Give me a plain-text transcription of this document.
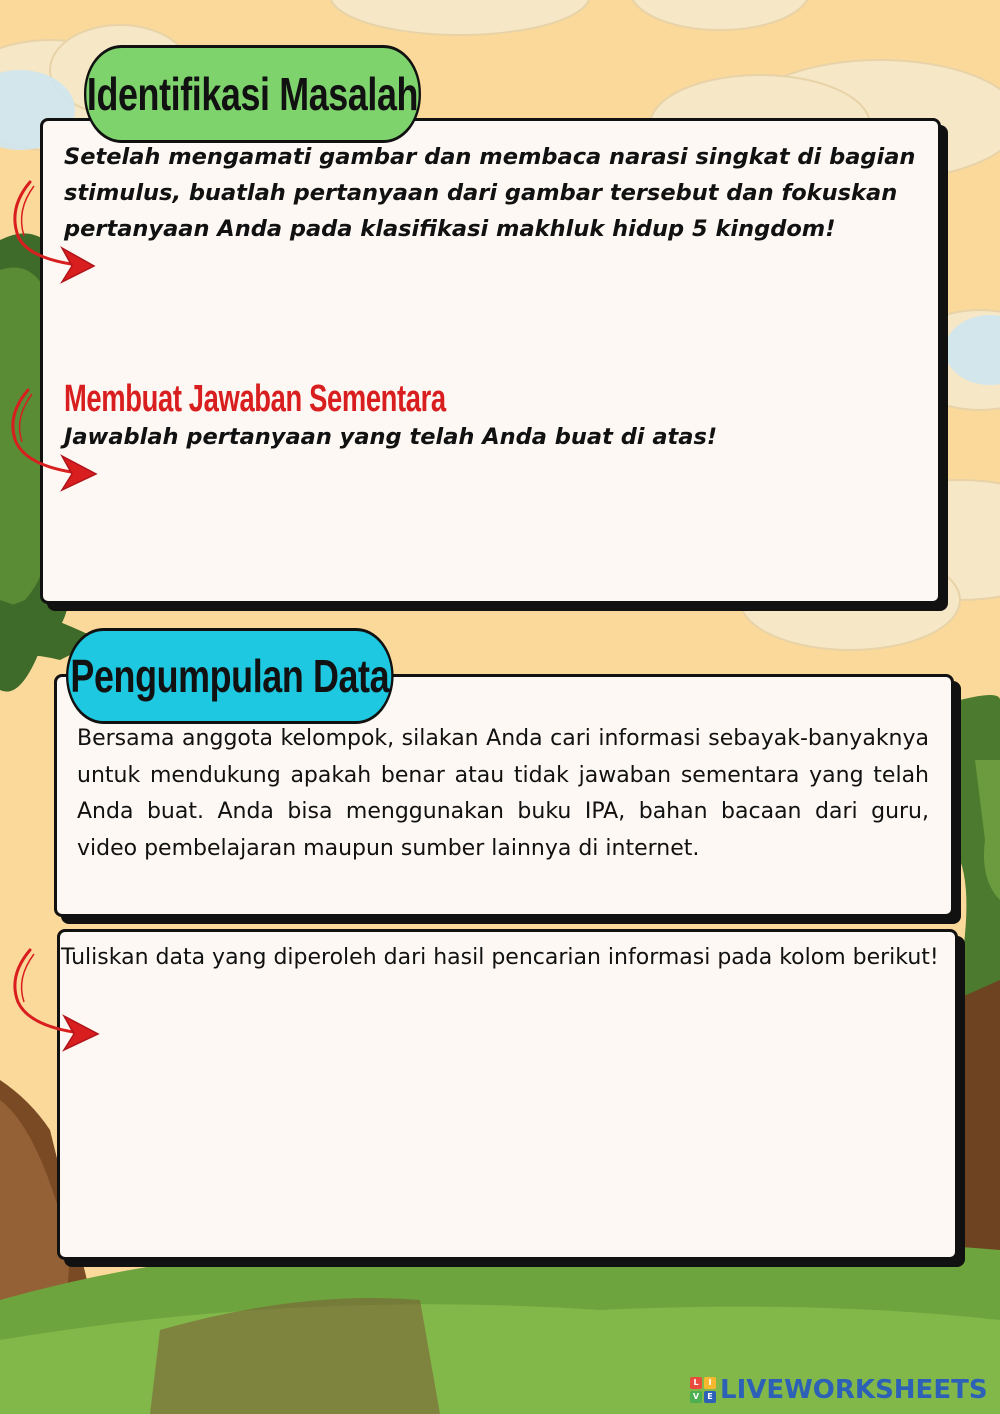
Identifikasi Masalah

Setelah mengamati gambar dan membaca narasi singkat di bagian stimulus, buatlah pertanyaan dari gambar tersebut dan fokuskan pertanyaan Anda pada klasifikasi makhluk hidup 5 kingdom!

Membuat Jawaban Sementara

Jawablah pertanyaan yang telah Anda buat di atas!

Pengumpulan Data

Bersama anggota kelompok, silakan Anda cari informasi sebayak-banyaknya untuk mendukung apakah benar atau tidak jawaban sementara yang telah Anda buat. Anda bisa menggunakan buku IPA, bahan bacaan dari guru, video pembelajaran maupun sumber lainnya di internet.

Tuliskan data yang diperoleh dari hasil pencarian informasi pada kolom berikut!

L	I
V	E LIVEWORKSHEETS
